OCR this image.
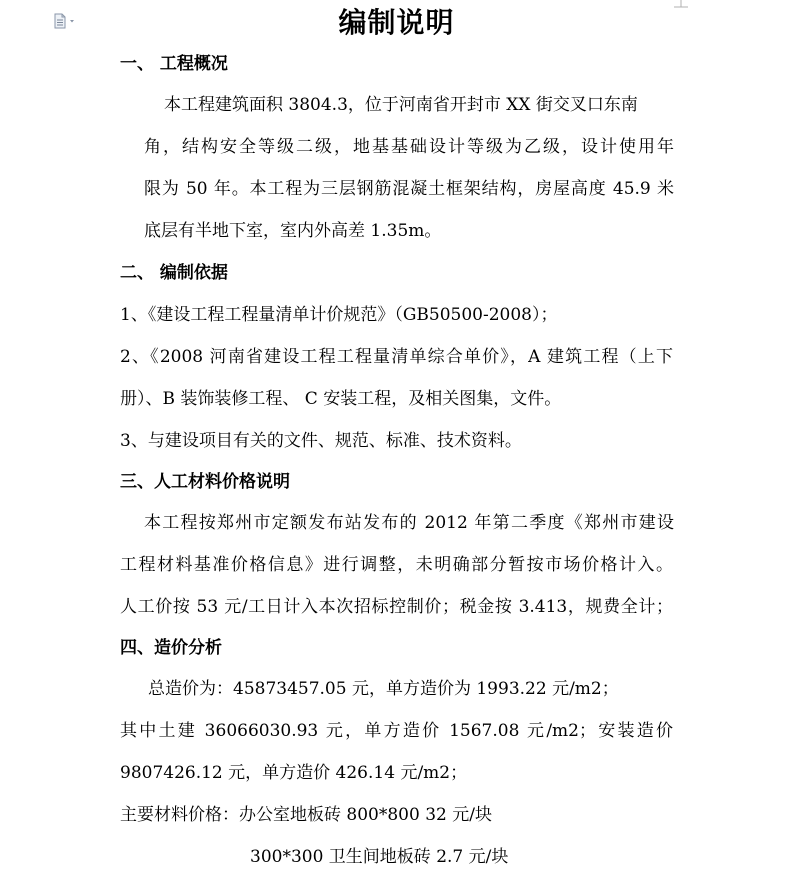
编制说明
一、 工程概况
本工程建筑面积 3804.3，位于河南省开封市 XX 街交叉口东南
角，结构安全等级二级，地基基础设计等级为乙级，设计使用年
限为 50 年。本工程为三层钢筋混凝土框架结构，房屋高度 45.9 米
底层有半地下室，室内外高差 1.35m。
二、 编制依据
1、《建设工程工程量清单计价规范》（GB50500-2008）；
2、《2008 河南省建设工程工程量清单综合单价》，A 建筑工程（上下
册）、B 装饰装修工程、 C 安装工程，及相关图集，文件。
3、与建设项目有关的文件、规范、标准、技术资料。
三、人工材料价格说明
本工程按郑州市定额发布站发布的 2012 年第二季度《郑州市建设
工程材料基准价格信息》进行调整，未明确部分暂按市场价格计入。
人工价按 53 元/工日计入本次招标控制价；税金按 3.413，规费全计；
四、造价分析
总造价为：45873457.05 元，单方造价为 1993.22 元/m2；
其中土建 36066030.93 元，单方造价 1567.08 元/m2；安装造价
9807426.12 元，单方造价 426.14 元/m2；
主要材料价格：办公室地板砖 800*800 32 元/块
300*300 卫生间地板砖 2.7 元/块
